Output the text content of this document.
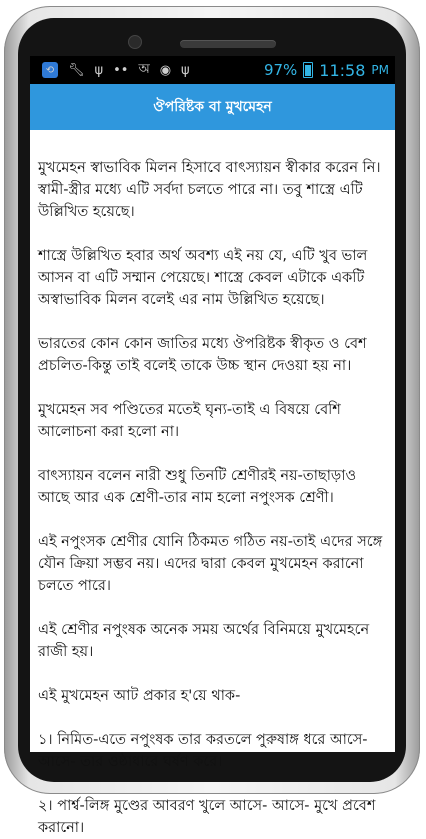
⟲ 🔧︎ ψ •• অ ◉ ψ	97% 11:58 PM
ঔপরিষ্টক বা মুখমেহন

মুখমেহন স্বাভাবিক মিলন হিসাবে বাৎস্যায়ন স্বীকার করেন নি। স্বামী-স্ত্রীর মধ্যে এটি সর্বদা চলতে পারে না। তবু শাস্ত্রে এটি উল্লিখিত হয়েছে।

শাস্ত্রে উল্লিখিত হবার অর্থ অবশ্য এই নয় যে, এটি খুব ভাল আসন বা এটি সম্মান পেয়েছে। শাস্ত্রে কেবল এটাকে একটি অস্বাভাবিক মিলন বলেই এর নাম উল্লিখিত হয়েছে।

ভারতের কোন কোন জাতির মধ্যে ঔপরিষ্টক স্বীকৃত ও বেশ প্রচলিত-কিন্তু তাই বলেই তাকে উচ্চ স্থান দেওয়া হয় না।

মুখমেহন সব পণ্ডিতের মতেই ঘৃন্য-তাই এ বিষয়ে বেশি আলোচনা করা হলো না।

বাৎস্যায়ন বলেন নারী শুধু তিনটি শ্রেণীরই নয়-তাছাড়াও আছে আর এক শ্রেণী-তার নাম হলো নপুংসক শ্রেণী।

এই নপুংসক শ্রেণীর যোনি ঠিকমত গঠিত নয়-তাই এদের সঙ্গে যৌন ক্রিয়া সম্ভব নয়। এদের দ্বারা কেবল মুখমেহন করানো চলতে পারে।

এই শ্রেণীর নপুংষক অনেক সময় অর্থের বিনিময়ে মুখমেহনে রাজী হয়।

এই মুখমেহন আট প্রকার হ'য়ে থাক-

১। নিমিত-এতে নপুংষক তার করতলে পুরুষাঙ্গ ধরে আসে- আসে- তার ওষ্ঠাধারে ঘর্ষণ করে।

২। পার্শ্ব-লিঙ্গ মুণ্ডের আবরণ খুলে আসে- আসে- মুখে প্রবেশ করানো।
